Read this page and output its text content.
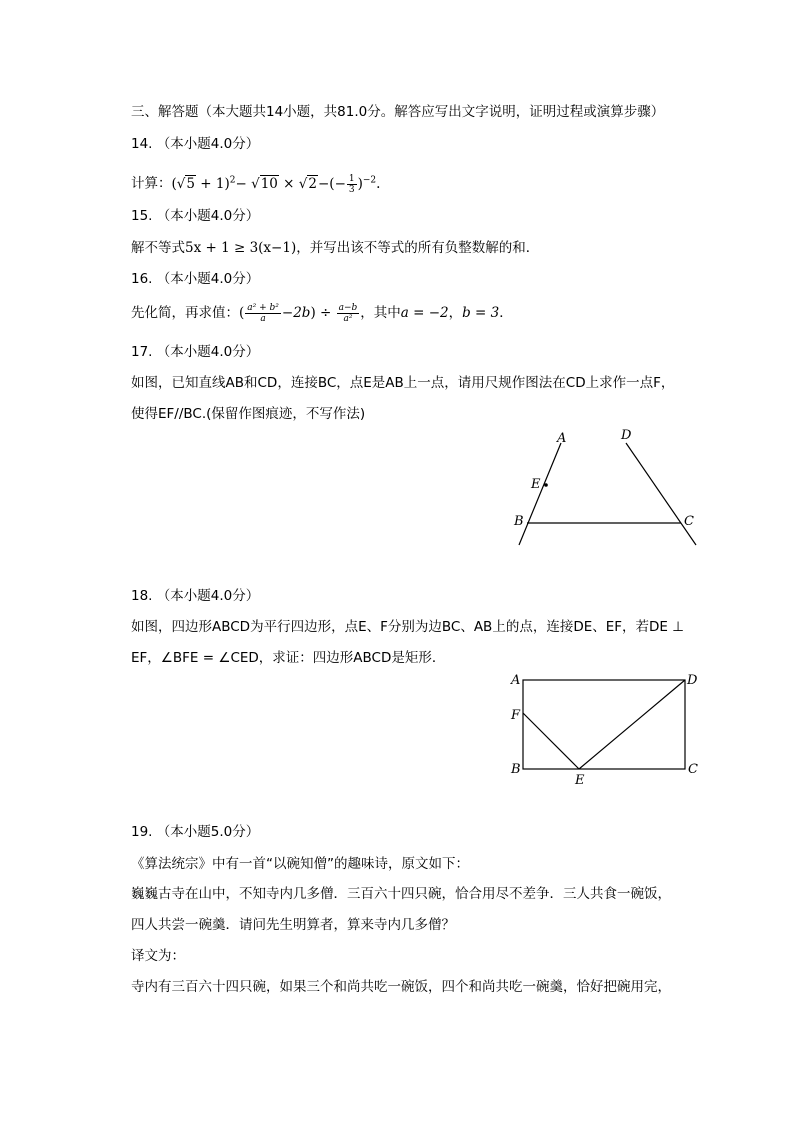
三、解答题（本大题共14小题，共81.0分。解答应写出文字说明，证明过程或演算步骤）
14. （本小题4.0分）
计算：$(√5 + 1)^2- √10 \times √2-(- \frac{1}{3} )^{-2}$.
15. （本小题4.0分）
解不等式5x + 1 ≥ 3(x−1)，并写出该不等式的所有负整数解的和．
16. （本小题4.0分）
先化简，再求值：( $\frac{\text{a² + b²}}{a} -2b) \div \frac{a-b}{\text{a²}}$ ，其中a = −2，b = 3．
17. （本小题4.0分）
如图，已知直线AB和CD，连接BC，点E是AB上一点，请用尺规作图法在CD上求作一点F，
使得EF//BC.(保留作图痕迹，不写作法)
A	D
E
B	C
18. （本小题4.0分）
如图，四边形ABCD为平行四边形，点E、F分别为边BC、AB上的点，连接DE、EF，若DE ⊥
EF，∠BFE = ∠CED，求证：四边形ABCD是矩形．
A	D
F
B
E
C
19. （本小题5.0分）
《算法统宗》中有一首“以碗知僧”的趣味诗，原文如下：
巍巍古寺在山中，不知寺内几多僧．三百六十四只碗，恰合用尽不差争．三人共食一碗饭，
四人共尝一碗羹．请问先生明算者，算来寺内几多僧？
译文为：
寺内有三百六十四只碗，如果三个和尚共吃一碗饭，四个和尚共吃一碗羹，恰好把碗用完，
